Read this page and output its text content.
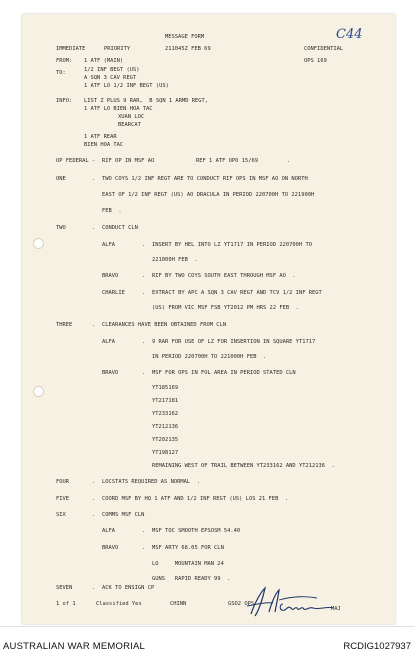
C44
MESSAGE FORM
IMMEDIATE	PRIORITY	211045Z FEB 69	CONFIDENTIAL
OPS 169
FROM: 1 ATF (MAIN)
TO:	1/2 INF BEGT (US)
A SQN 3 CAV REGT
1 ATF LO 1/2 INF BEGT (US)
INFO: LIST Z PLUS 9 RAR,  B SQN 1 ARMD REGT,
1 ATF LO BIEN HOA TAC
XUAN LOC
BEARCAT
1 ATF REAR
BIEN HOA TAC
OP FEDERAL - RIF OP IN MSF AO	REF 1 ATF OPO 15/69	.
ONE	. TWO COYS 1/2 INF REGT ARE TO CONDUCT RIF OPS IN MSF AO ON NORTH
EAST OF 1/2 INF REGT (US) AO DRACULA IN PERIOD 220700H TO 221900H
FEB  .
TWO	. CONDUCT CLN
ALFA	. INSERT BY HEL INTO LZ YT1717 IN PERIOD 220700H TO
221000H FEB  .
BRAVO	. RIF BY TWO COYS SOUTH EAST THROUGH MSF AO  .
CHARLIE	. EXTRACT BY APC A SQN 3 CAV REGT AND TCV 1/2 INF REGT
(US) FROM VIC MSF FSB YT2012 PM HRS 22 FEB  .
THREE	. CLEARANCES HAVE BEEN OBTAINED FROM CLN
ALFA	. 9 RAR FOR USE OF LZ FOR INSERTION IN SQUARE YT1717
IN PERIOD 220700H TO 221000H FEB  .
BRAVO	. MSF FOR OPS IN FOL AREA IN PERIOD STATED CLN
YT185169
YT217181
YT233162
YT212136
YT202135
YT198127
REMAINING WEST OF TRAIL BETWEEN YT233162 AND YT212136  .
FOUR	. LOCSTATS REQUIRED AS NORMAL  .
FIVE	. COORD MSF BY HQ 1 ATF AND 1/2 INF REGT (US) LOS 21 FEB  .
SIX	. COMMS MSF CLN
ALFA	. MSF TOC SMOOTH EPSOSM 54.40
BRAVO	. MSF ARTY 68.05 FOR CLN
LO     MOUNTAIN MAN 24
GUNS   RAPID READY 99  .
SEVEN	. ACK TO ENSIGN CP
1 of 1	Classified Yes	CHINN	GSO2 OPS
MAJ
AUSTRALIAN WAR MEMORIAL	RCDIG1027937
